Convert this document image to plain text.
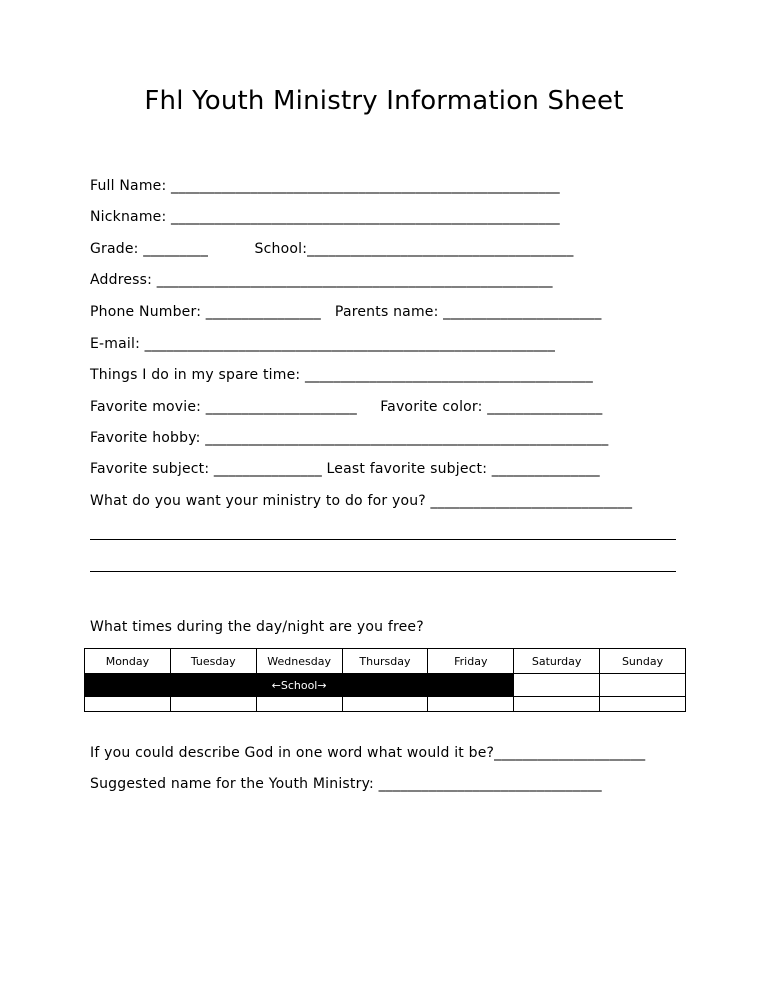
Fhl Youth Ministry Information Sheet
Full Name: ______________________________________________________
Nickname: ______________________________________________________
Grade: _________          School:_____________________________________
Address: _______________________________________________________
Phone Number: ________________   Parents name: ______________________
E-mail: _________________________________________________________
Things I do in my spare time: ________________________________________
Favorite movie: _____________________     Favorite color: ________________
Favorite hobby: ________________________________________________________
Favorite subject: _______________ Least favorite subject: _______________
What do you want your ministry to do for you? ____________________________
What times during the day/night are you free?
Monday	Tuesday	Wednesday	Thursday	Friday	Saturday	Sunday
←School→						

If you could describe God in one word what would it be?_____________________
Suggested name for the Youth Ministry: _______________________________
